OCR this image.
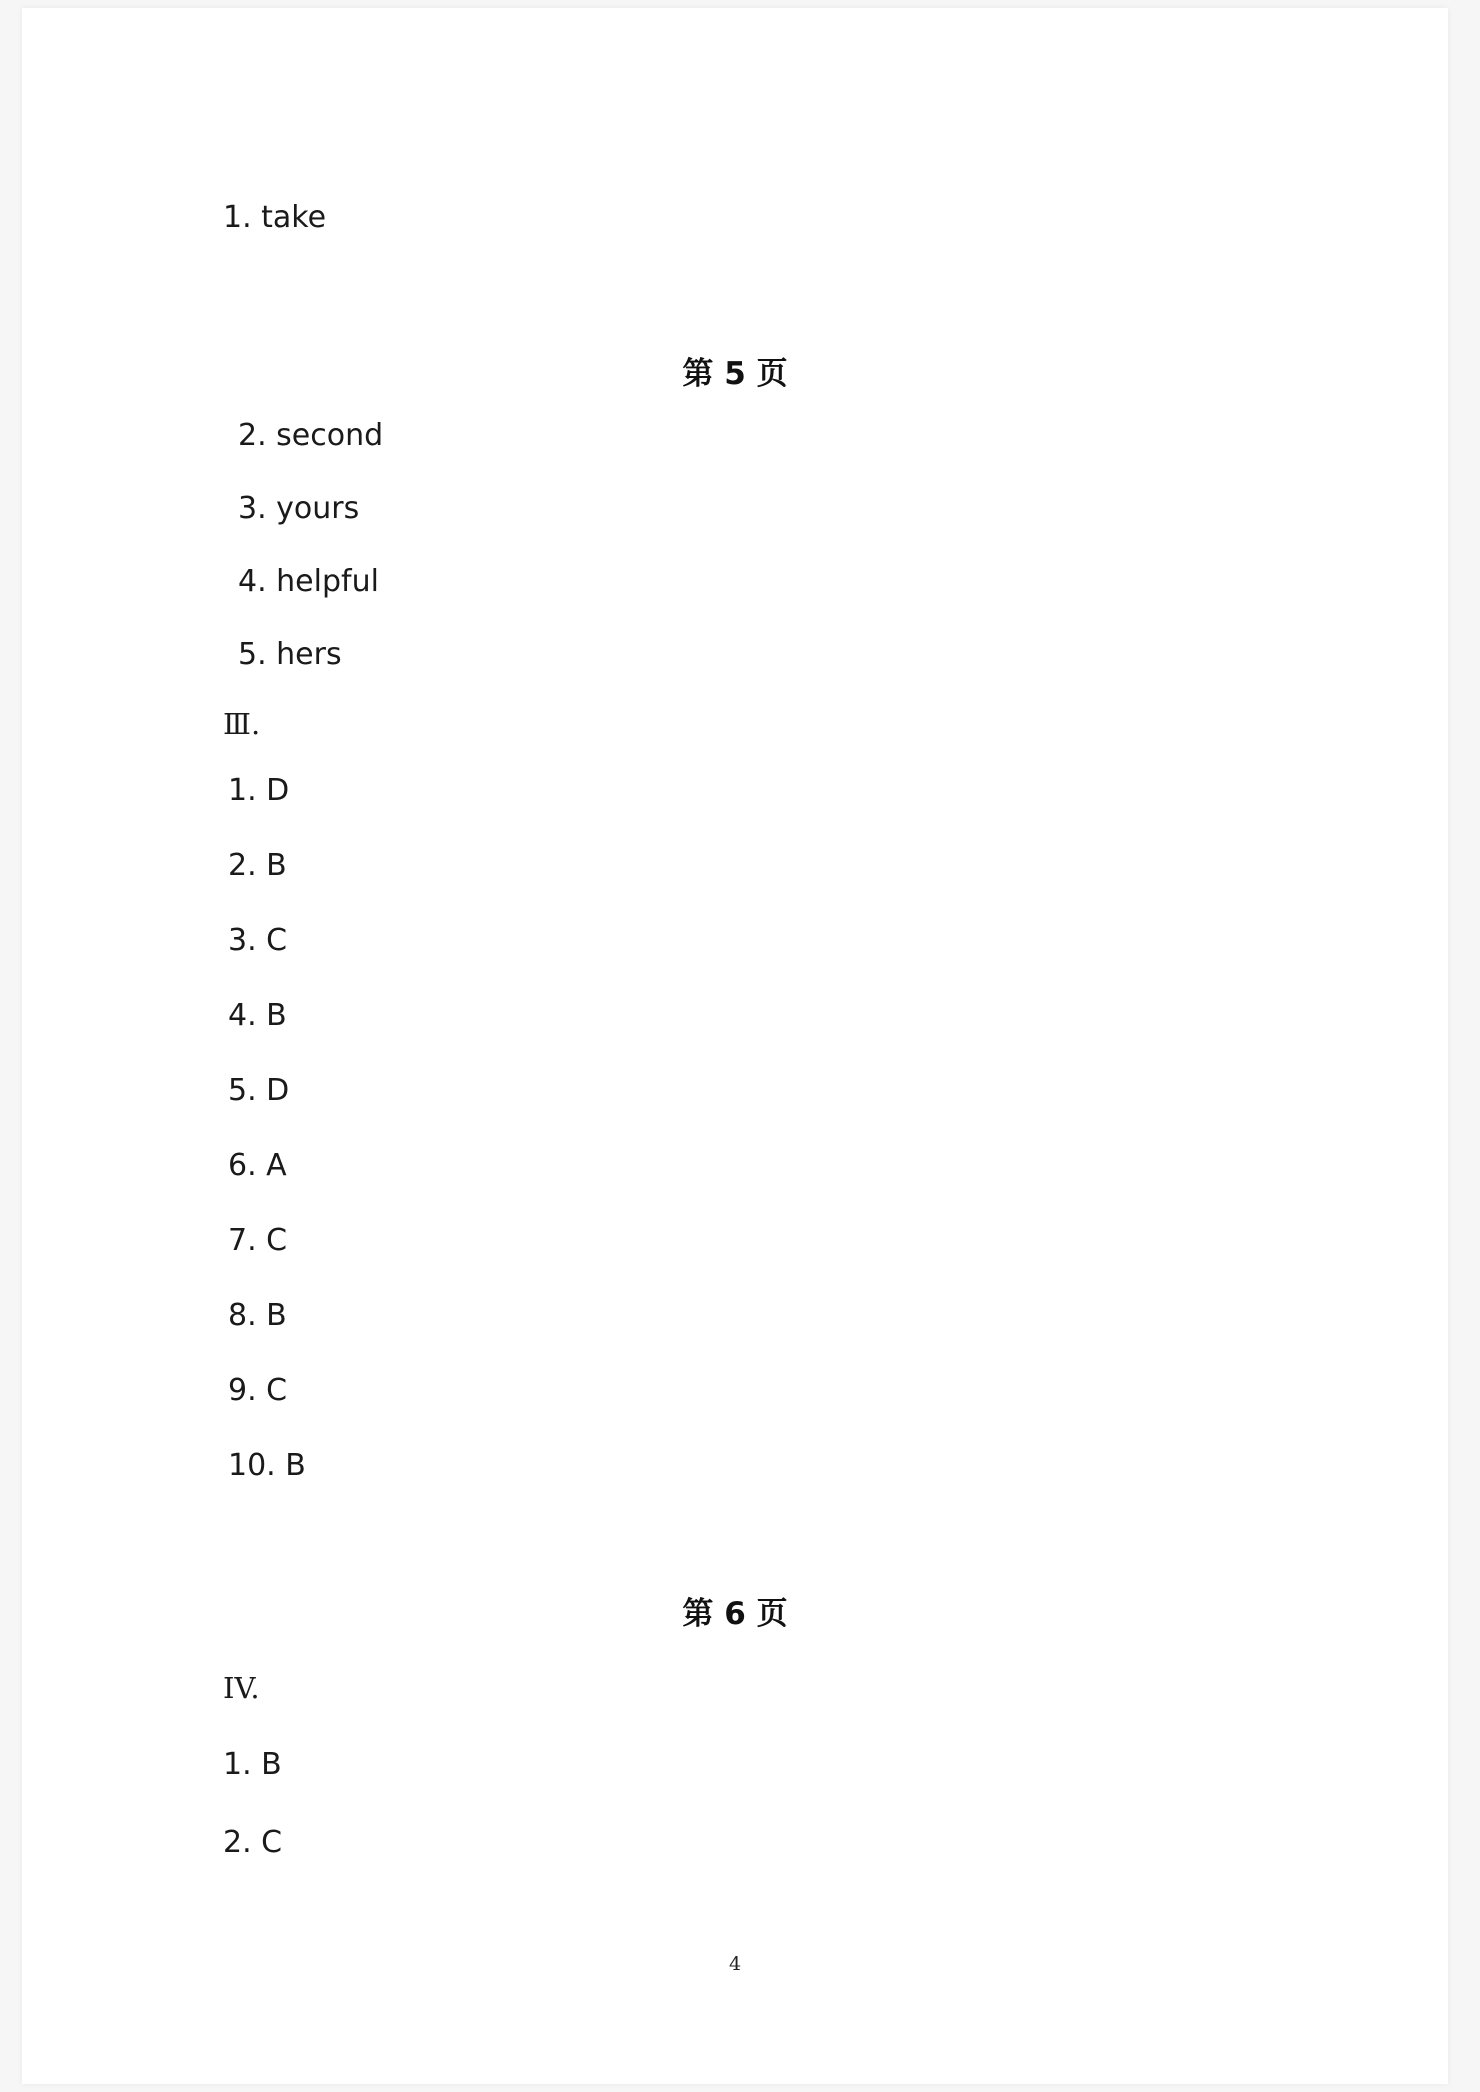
1. take
第 5 页
2. second
3. yours
4. helpful
5. hers
Ⅲ.
1. D
2. B
3. C
4. B
5. D
6. A
7. C
8. B
9. C
10. B
第 6 页
IV.
1. B
2. C
4
